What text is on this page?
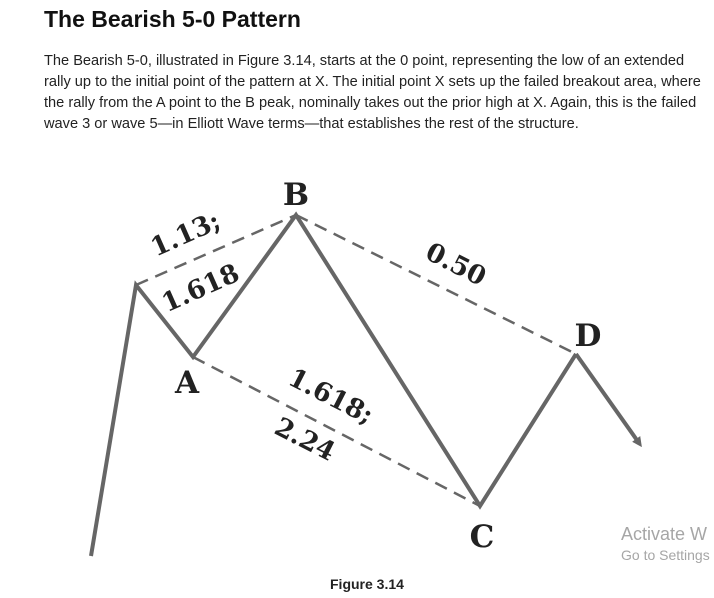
The Bearish 5-0 Pattern

The Bearish 5-0, illustrated in Figure 3.14, starts at the 0 point, representing the low of an extended rally up to the initial point of the pattern at X. The initial point X sets up the failed breakout area, where the rally from the A point to the B peak, nominally takes out the prior high at X. Again, this is the failed wave 3 or wave 5—in Elliott Wave terms—that establishes the rest of the structure.

B
A
C
D
1.13;
1.618	0.50
1.618;
2.24

Figure 3.14

Activate W
Go to Settings
